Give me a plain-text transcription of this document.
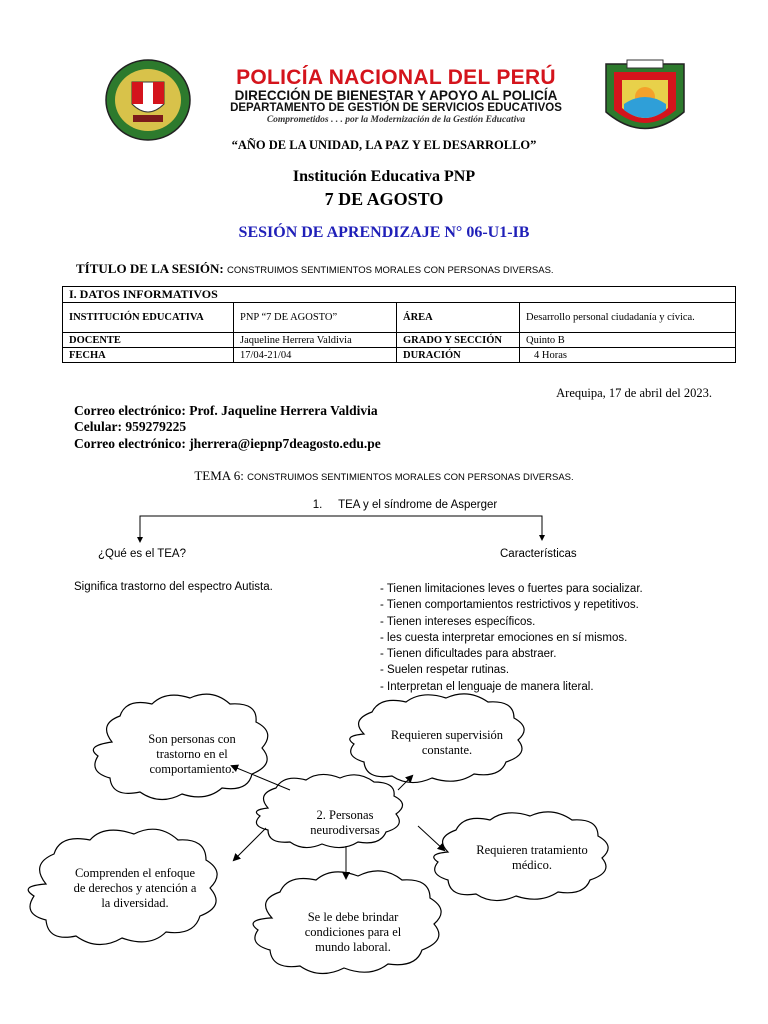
POLICÍA NACIONAL DEL PERÚ
DIRECCIÓN DE BIENESTAR Y APOYO AL POLICÍA
DEPARTAMENTO DE GESTIÓN DE SERVICIOS EDUCATIVOS
Comprometidos . . . por la Modernización de la Gestión Educativa
“AÑO DE LA UNIDAD, LA PAZ Y EL DESARROLLO”
Institución Educativa PNP
7 DE AGOSTO
SESIÓN DE APRENDIZAJE N° 06-U1-IB
TÍTULO DE LA SESIÓN: CONSTRUIMOS SENTIMIENTOS MORALES CON PERSONAS DIVERSAS.
I. DATOS INFORMATIVOS			
INSTITUCIÓN EDUCATIVA	PNP “7 DE AGOSTO”	ÁREA	Desarrollo personal ciudadanía y cívica.
DOCENTE	Jaqueline Herrera Valdivia	GRADO Y SECCIÓN	Quinto B
FECHA	17/04-21/04	DURACIÓN	4 Horas
Arequipa, 17 de abril del 2023.
Correo electrónico: Prof. Jaqueline Herrera Valdivia
Celular: 959279225
Correo electrónico: jherrera@iepnp7deagosto.edu.pe
TEMA 6: CONSTRUIMOS SENTIMIENTOS MORALES CON PERSONAS DIVERSAS.
1.     TEA y el síndrome de Asperger
¿Qué es el TEA?	Características
Significa trastorno del espectro Autista.	- Tienen limitaciones leves o fuertes para socializar.
- Tienen comportamientos restrictivos y repetitivos.
- Tienen intereses específicos.
- les cuesta interpretar emociones en sí mismos.
- Tienen dificultades para abstraer.
- Suelen respetar rutinas.
- Interpretan el lenguaje de manera literal.
Son personas con trastorno en el comportamiento.
Requieren supervisión constante.
2. Personas neurodiversas
Requieren tratamiento médico.
Se le debe brindar condiciones para el mundo laboral.
Comprenden el enfoque de derechos y atención a la diversidad.
